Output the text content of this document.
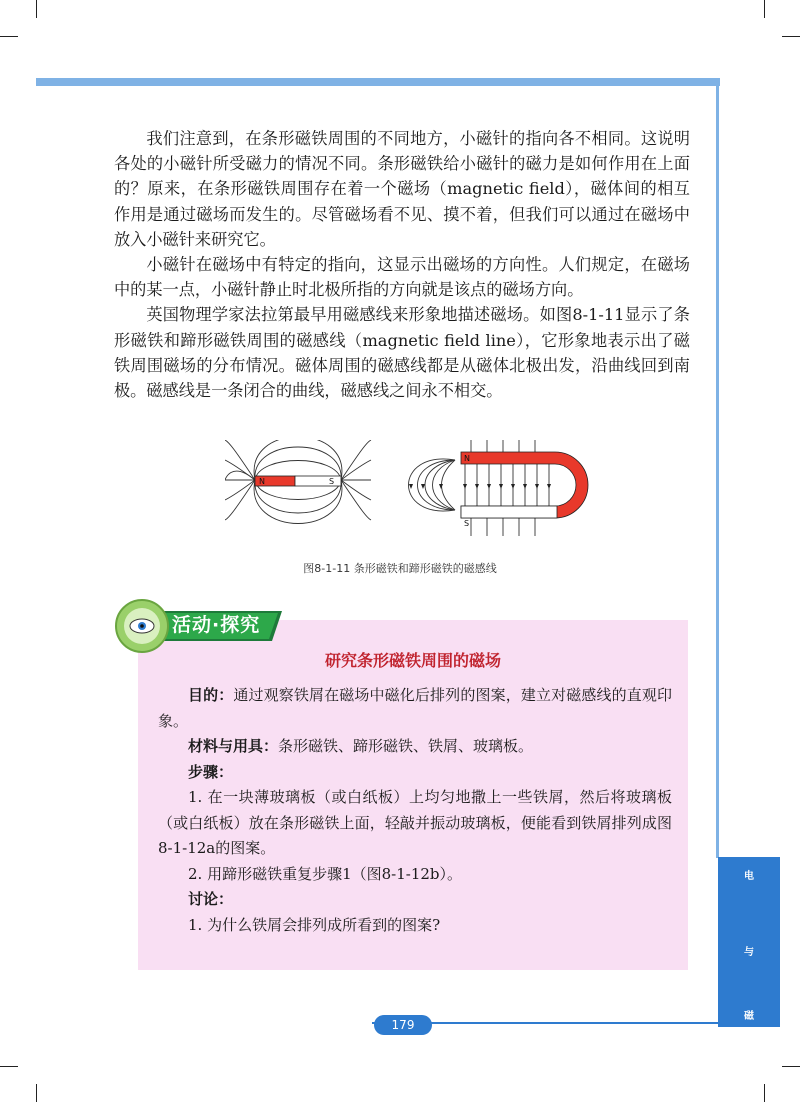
我们注意到，在条形磁铁周围的不同地方，小磁针的指向各不相同。这说明各处的小磁针所受磁力的情况不同。条形磁铁给小磁针的磁力是如何作用在上面的？原来，在条形磁铁周围存在着一个磁场（magnetic field），磁体间的相互作用是通过磁场而发生的。尽管磁场看不见、摸不着，但我们可以通过在磁场中放入小磁针来研究它。

小磁针在磁场中有特定的指向，这显示出磁场的方向性。人们规定，在磁场中的某一点，小磁针静止时北极所指的方向就是该点的磁场方向。

英国物理学家法拉第最早用磁感线来形象地描述磁场。如图8-1-11显示了条形磁铁和蹄形磁铁周围的磁感线（magnetic field line），它形象地表示出了磁铁周围磁场的分布情况。磁体周围的磁感线都是从磁体北极出发，沿曲线回到南极。磁感线是一条闭合的曲线，磁感线之间永不相交。

N	S
N
S
图8-1-11 条形磁铁和蹄形磁铁的磁感线
活动·探究
研究条形磁铁周围的磁场

目的：通过观察铁屑在磁场中磁化后排列的图案，建立对磁感线的直观印象。

材料与用具：条形磁铁、蹄形磁铁、铁屑、玻璃板。

步骤：

1. 在一块薄玻璃板（或白纸板）上均匀地撒上一些铁屑，然后将玻璃板（或白纸板）放在条形磁铁上面，轻敲并振动玻璃板，便能看到铁屑排列成图8-1-12a的图案。

2. 用蹄形磁铁重复步骤1（图8-1-12b）。

讨论：

1. 为什么铁屑会排列成所看到的图案?

电
与
磁
179
